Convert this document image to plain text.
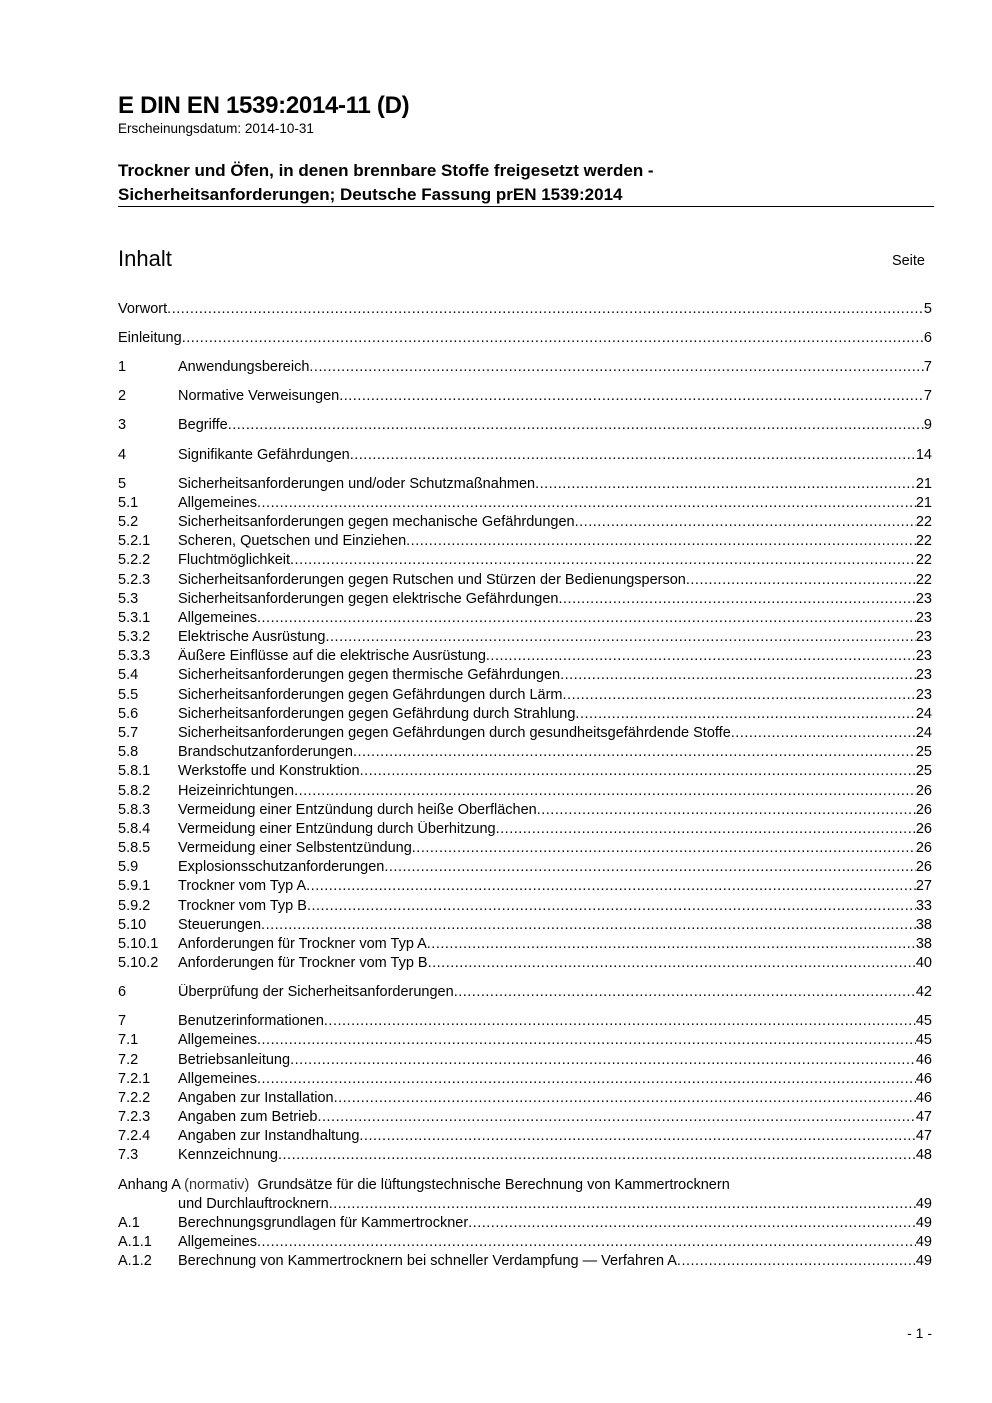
E DIN EN 1539:2014-11 (D)
Erscheinungsdatum: 2014-10-31
Trockner und Öfen, in denen brennbare Stoffe freigesetzt werden -
Sicherheitsanforderungen; Deutsche Fassung prEN 1539:2014
Inhalt	Seite
Vorwort .....	5
Einleitung .....	6
1	Anwendungsbereich .....	7
2	Normative Verweisungen .....	7
3	Begriffe .....	9
4	Signifikante Gefährdungen .....	14
5	Sicherheitsanforderungen und/oder Schutzmaßnahmen .....	21
5.1	Allgemeines .....	21
5.2	Sicherheitsanforderungen gegen mechanische Gefährdungen .....	22
5.2.1	Scheren, Quetschen und Einziehen .....	22
5.2.2	Fluchtmöglichkeit .....	22
5.2.3	Sicherheitsanforderungen gegen Rutschen und Stürzen der Bedienungsperson .....	22
5.3	Sicherheitsanforderungen gegen elektrische Gefährdungen .....	23
5.3.1	Allgemeines .....	23
5.3.2	Elektrische Ausrüstung .....	23
5.3.3	Äußere Einflüsse auf die elektrische Ausrüstung .....	23
5.4	Sicherheitsanforderungen gegen thermische Gefährdungen .....	23
5.5	Sicherheitsanforderungen gegen Gefährdungen durch Lärm .....	23
5.6	Sicherheitsanforderungen gegen Gefährdung durch Strahlung .....	24
5.7	Sicherheitsanforderungen gegen Gefährdungen durch gesundheitsgefährdende Stoffe .....	24
5.8	Brandschutzanforderungen .....	25
5.8.1	Werkstoffe und Konstruktion .....	25
5.8.2	Heizeinrichtungen .....	26
5.8.3	Vermeidung einer Entzündung durch heiße Oberflächen .....	26
5.8.4	Vermeidung einer Entzündung durch Überhitzung .....	26
5.8.5	Vermeidung einer Selbstentzündung .....	26
5.9	Explosionsschutzanforderungen .....	26
5.9.1	Trockner vom Typ A .....	27
5.9.2	Trockner vom Typ B .....	33
5.10	Steuerungen .....	38
5.10.1	Anforderungen für Trockner vom Typ A .....	38
5.10.2	Anforderungen für Trockner vom Typ B .....	40
6	Überprüfung der Sicherheitsanforderungen .....	42
7	Benutzerinformationen .....	45
7.1	Allgemeines .....	45
7.2	Betriebsanleitung .....	46
7.2.1	Allgemeines .....	46
7.2.2	Angaben zur Installation .....	46
7.2.3	Angaben zum Betrieb .....	47
7.2.4	Angaben zur Instandhaltung .....	47
7.3	Kennzeichnung .....	48
Anhang A (normativ) Grundsätze für die lüftungstechnische Berechnung von Kammertrocknern
und Durchlauftrocknern .....	49
A.1	Berechnungsgrundlagen für Kammertrockner .....	49
A.1.1	Allgemeines .....	49
A.1.2	Berechnung von Kammertrocknern bei schneller Verdampfung — Verfahren A .....	49
- 1 -
